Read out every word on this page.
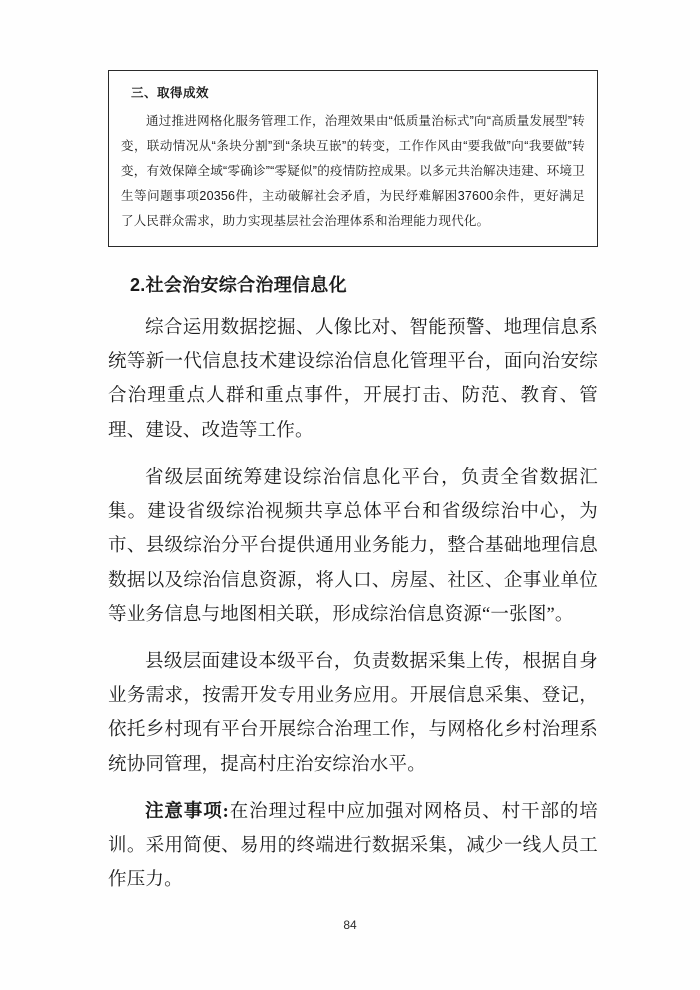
三、取得成效

通过推进网格化服务管理工作，治理效果由“低质量治标式”向“高质量发展型”转变，联动情况从“条块分割”到“条块互嵌”的转变，工作作风由“要我做”向“我要做”转变，有效保障全域“零确诊”“零疑似”的疫情防控成果。以多元共治解决违建、环境卫生等问题事项20356件，主动破解社会矛盾，为民纾难解困37600余件，更好满足了人民群众需求，助力实现基层社会治理体系和治理能力现代化。

2.社会治安综合治理信息化

综合运用数据挖掘、人像比对、智能预警、地理信息系统等新一代信息技术建设综治信息化管理平台，面向治安综合治理重点人群和重点事件，开展打击、防范、教育、管理、建设、改造等工作。

省级层面统筹建设综治信息化平台，负责全省数据汇集。建设省级综治视频共享总体平台和省级综治中心，为市、县级综治分平台提供通用业务能力，整合基础地理信息数据以及综治信息资源，将人口、房屋、社区、企事业单位等业务信息与地图相关联，形成综治信息资源“一张图”。

县级层面建设本级平台，负责数据采集上传，根据自身业务需求，按需开发专用业务应用。开展信息采集、登记，依托乡村现有平台开展综合治理工作，与网格化乡村治理系统协同管理，提高村庄治安综治水平。

注意事项:在治理过程中应加强对网格员、村干部的培训。采用简便、易用的终端进行数据采集，减少一线人员工作压力。

84
